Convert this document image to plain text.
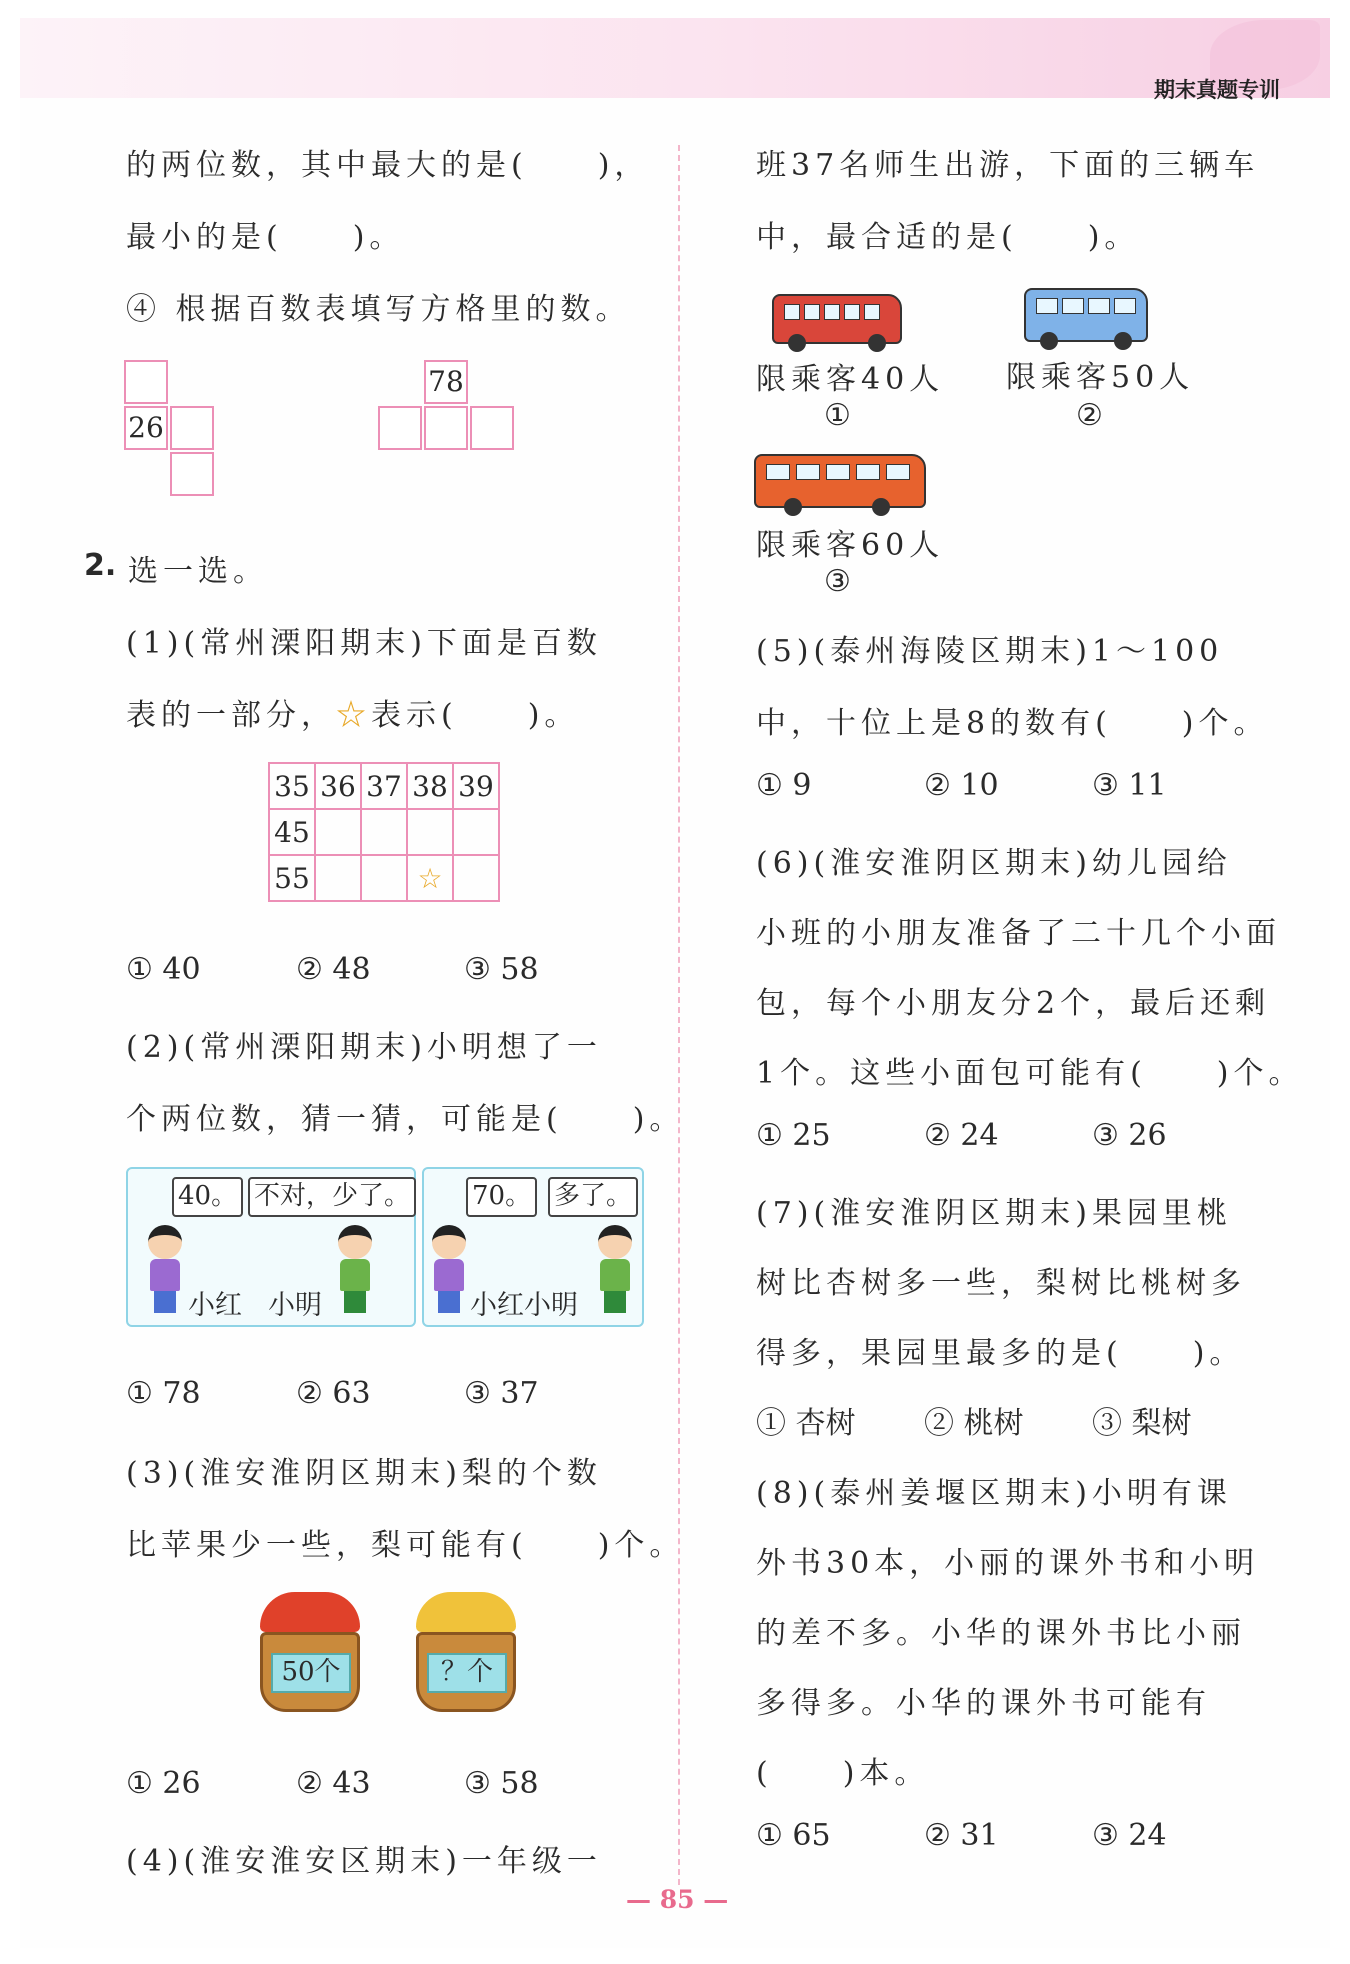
期末真题专训
的两位数，其中最大的是(　　)，
最小的是(　　)。
④ 根据百数表填写方格里的数。
26
78
2. 选一选。
(1)(常州溧阳期末)下面是百数
表的一部分，☆表示(　　)。
35	36	37	38	39
45				
55			☆	
① 40	② 48	③ 58
(2)(常州溧阳期末)小明想了一
个两位数，猜一猜，可能是(　　)。
40。 不对，少了。
小红 小明
70。 多了。
小红小明
① 78	② 63	③ 37
(3)(淮安淮阴区期末)梨的个数
比苹果少一些，梨可能有(　　)个。
50个	？个
① 26	② 43	③ 58
(4)(淮安淮安区期末)一年级一
班37名师生出游，下面的三辆车
中，最合适的是(　　)。
限乘客40人
①
限乘客50人
②
限乘客60人
③
(5)(泰州海陵区期末)1～100
中，十位上是8的数有(　　)个。
① 9	② 10	③ 11
(6)(淮安淮阴区期末)幼儿园给
小班的小朋友准备了二十几个小面
包，每个小朋友分2个，最后还剩
1个。这些小面包可能有(　　)个。
① 25	② 24	③ 26
(7)(淮安淮阴区期末)果园里桃
树比杏树多一些，梨树比桃树多
得多，果园里最多的是(　　)。
① 杏树 ② 桃树 ③ 梨树
(8)(泰州姜堰区期末)小明有课
外书30本，小丽的课外书和小明
的差不多。小华的课外书比小丽
多得多。小华的课外书可能有
(　　)本。
① 65	② 31	③ 24
— 85 —
